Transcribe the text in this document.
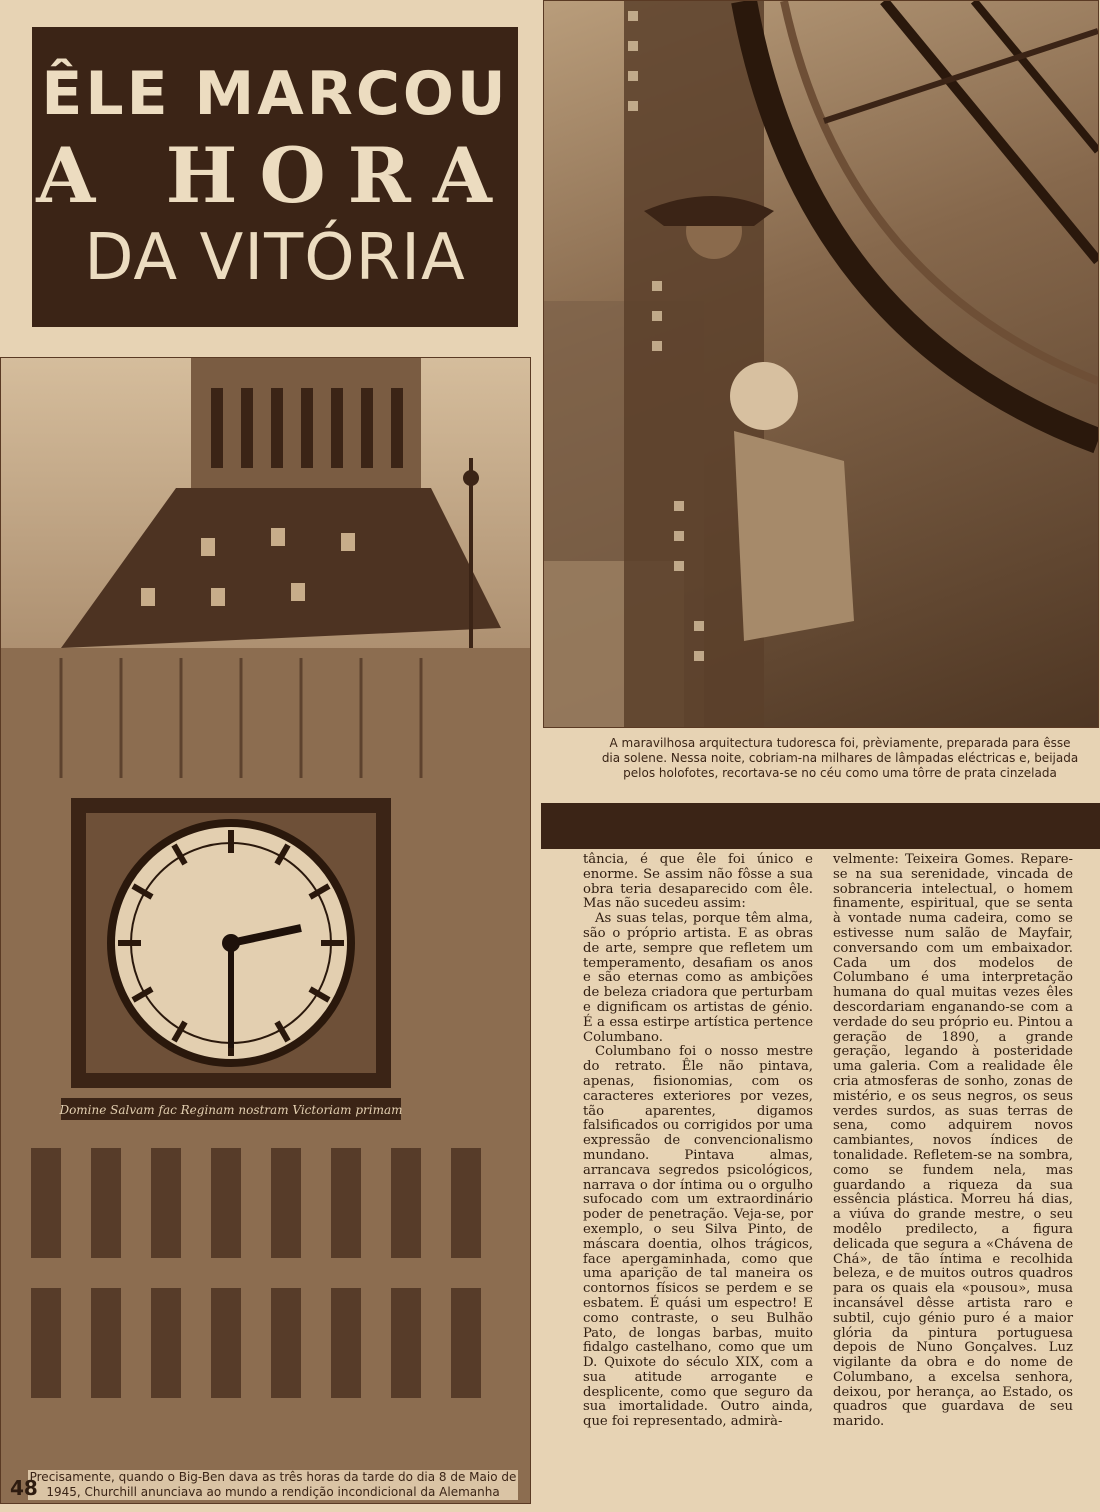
ÊLE MARCOU
A HORA
DA VITÓRIA
A maravilhosa arquitectura tudoresca foi, prèviamente, preparada para êsse dia solene. Nessa noite, cobriam-na milhares de lâmpadas eléctricas e, beijada pelos holofotes, recortava-se no céu como uma tôrre de prata cinzelada
Domine Salvam fac Reginam nostram Victoriam primam
Precisamente, quando o Big-Ben dava as três horas da tarde do dia 8 de Maio de 1945, Churchill anunciava ao mundo a rendição incondicional da Alemanha

tância, é que êle foi único e enorme. Se assim não fôsse a sua obra teria desaparecido com êle. Mas não sucedeu assim:

As suas telas, porque têm alma, são o próprio artista. E as obras de arte, sempre que refletem um temperamento, desafiam os anos e são eternas como as ambições de beleza criadora que perturbam e dignificam os artistas de génio. É a essa estirpe artística pertence Columbano.

Columbano foi o nosso mestre do retrato. Êle não pintava, apenas, fisionomias, com os caracteres exteriores por vezes, tão aparentes, digamos falsificados ou corrigidos por uma expressão de convencionalismo mundano. Pintava almas, arrancava segredos psicológicos, narrava o dor íntima ou o orgulho sufocado com um extraordinário poder de penetração. Veja-se, por exemplo, o seu Silva Pinto, de máscara doentia, olhos trágicos, face apergaminhada, como que uma aparição de tal maneira os contornos físicos se perdem e se esbatem. É quási um espectro! E como contraste, o seu Bulhão Pato, de longas barbas, muito fidalgo castelhano, como que um D. Quixote do século XIX, com a sua atitude arrogante e desplicente, como que seguro da sua imortalidade. Outro ainda, que foi representado, admirà-

velmente: Teixeira Gomes. Repare-se na sua serenidade, vincada de sobranceria intelectual, o homem finamente, espiritual, que se senta à vontade numa cadeira, como se estivesse num salão de Mayfair, conversando com um embaixador. Cada um dos modelos de Columbano é uma interpretação humana do qual muitas vezes êles descordariam enganando-se com a verdade do seu próprio eu. Pintou a geração de 1890, a grande geração, legando à posteridade uma galeria. Com a realidade êle cria atmosferas de sonho, zonas de mistério, e os seus negros, os seus verdes surdos, as suas terras de sena, como adquirem novos cambiantes, novos índices de tonalidade. Refletem-se na sombra, como se fundem nela, mas guardando a riqueza da sua essência plástica. Morreu há dias, a viúva do grande mestre, o seu modêlo predilecto, a figura delicada que segura a «Chávena de Chá», de tão íntima e recolhida beleza, e de muitos outros quadros para os quais ela «pousou», musa incansável dêsse artista raro e subtil, cujo génio puro é a maior glória da pintura portuguesa depois de Nuno Gonçalves. Luz vigilante da obra e do nome de Columbano, a excelsa senhora, deixou, por herança, ao Estado, os quadros que guardava de seu marido.

48
